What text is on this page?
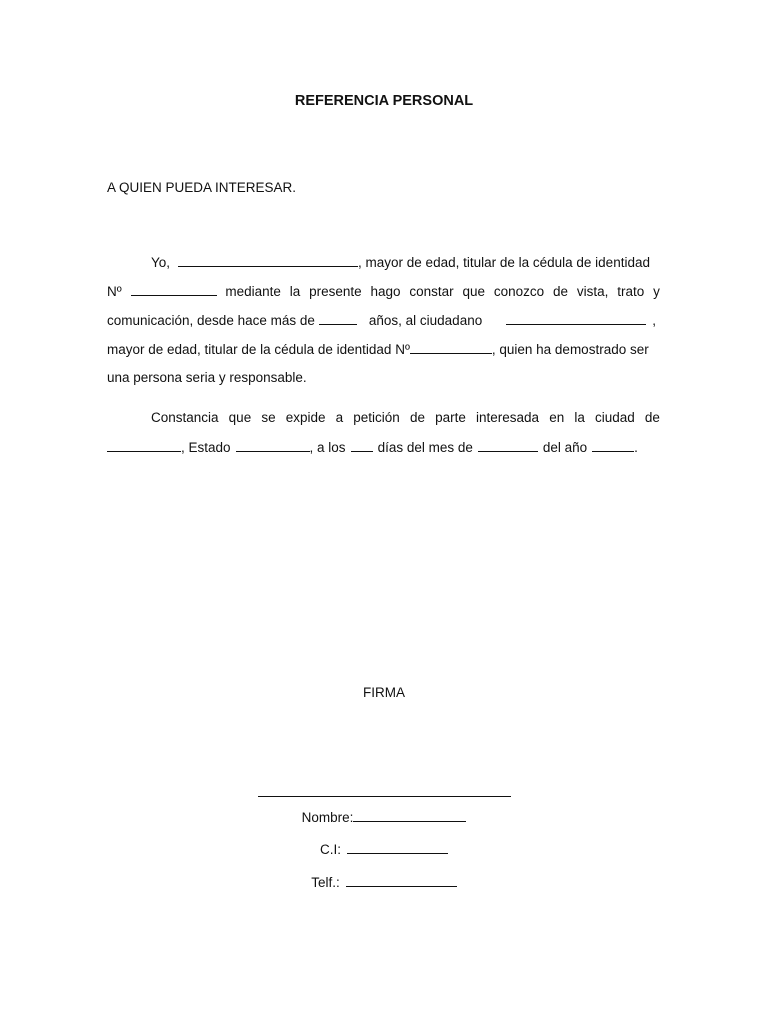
REFERENCIA PERSONAL
A QUIEN PUEDA INTERESAR.
Yo,	, mayor de edad, titular de la cédula de identidad
Nº	mediante la presente hago constar que conozco de vista, trato y
comunicación, desde hace más de	años, al ciudadano	,
mayor de edad, titular de la cédula de identidad Nº	, quien ha demostrado ser
una persona seria y responsable.
Constancia que se expide a petición de parte interesada en la ciudad de
, Estado	, a los días del mes de	del año	.
FIRMA
Nombre:
C.I:
Telf.:
